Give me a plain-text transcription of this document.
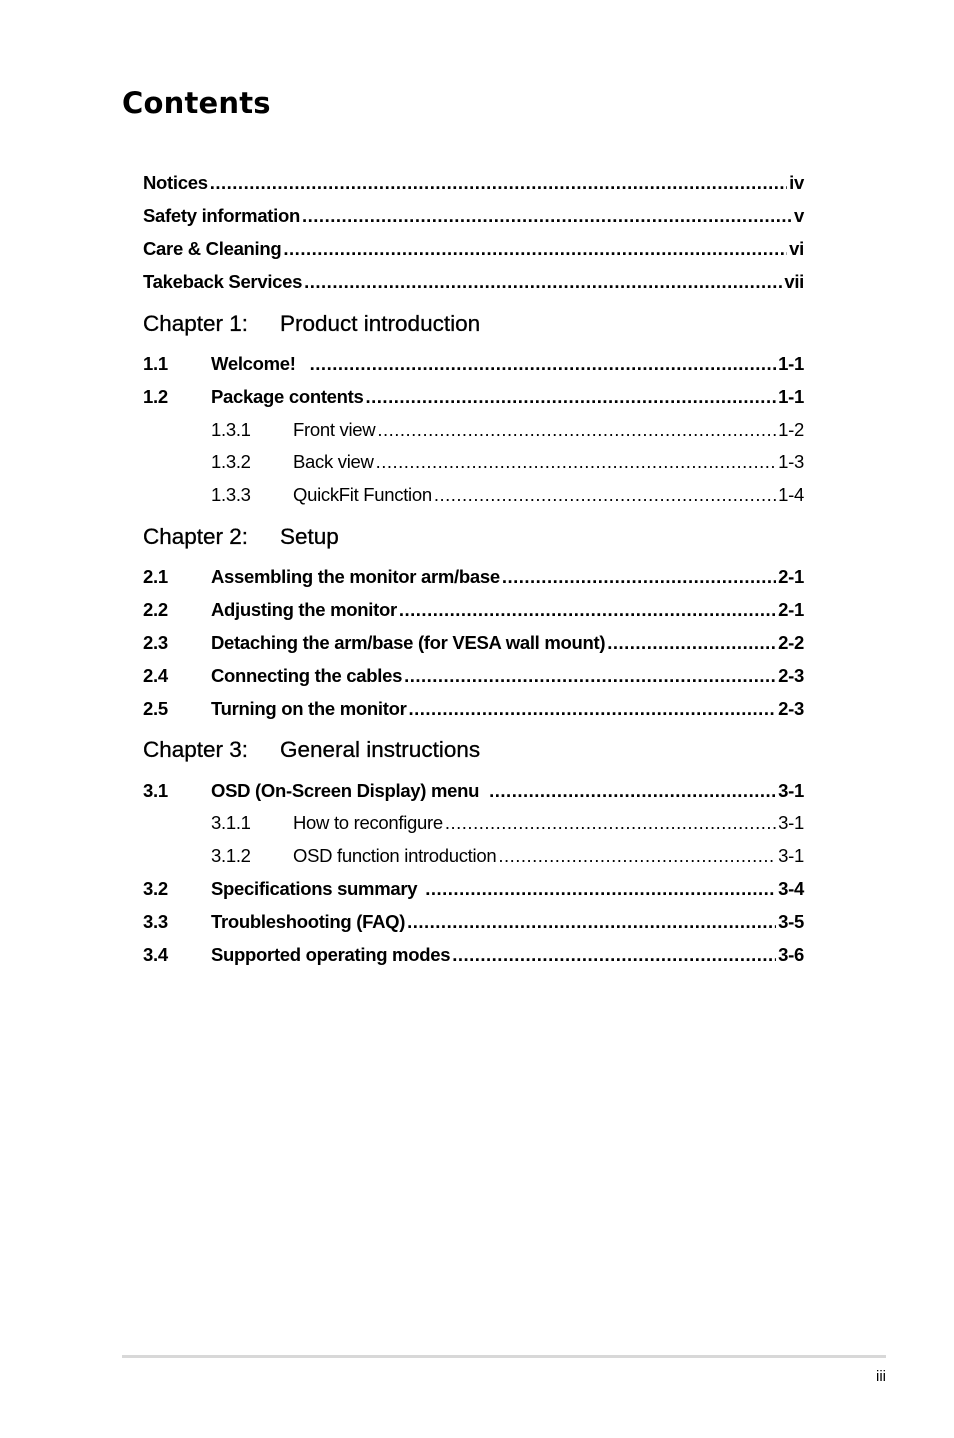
Contents
Notices .....	iv
Safety information .....	v
Care & Cleaning .....	vi
Takeback Services .....	vii
Chapter 1: Product introduction
1.1	Welcome! .....	1-1
1.2	Package contents .....	1-1
1.3.1	Front view .....	1-2
1.3.2	Back view .....	1-3
1.3.3	QuickFit Function .....	1-4
Chapter 2: Setup
2.1	Assembling the monitor arm/base .....	2-1
2.2	Adjusting the monitor .....	2-1
2.3	Detaching the arm/base (for VESA wall mount) .....	2-2
2.4	Connecting the cables .....	2-3
2.5	Turning on the monitor .....	2-3
Chapter 3: General instructions
3.1	OSD (On-Screen Display) menu .....	3-1
3.1.1	How to reconfigure .....	3-1
3.1.2	OSD function introduction .....	3-1
3.2	Specifications summary .....	3-4
3.3	Troubleshooting (FAQ) .....	3-5
3.4	Supported operating modes .....	3-6
iii
